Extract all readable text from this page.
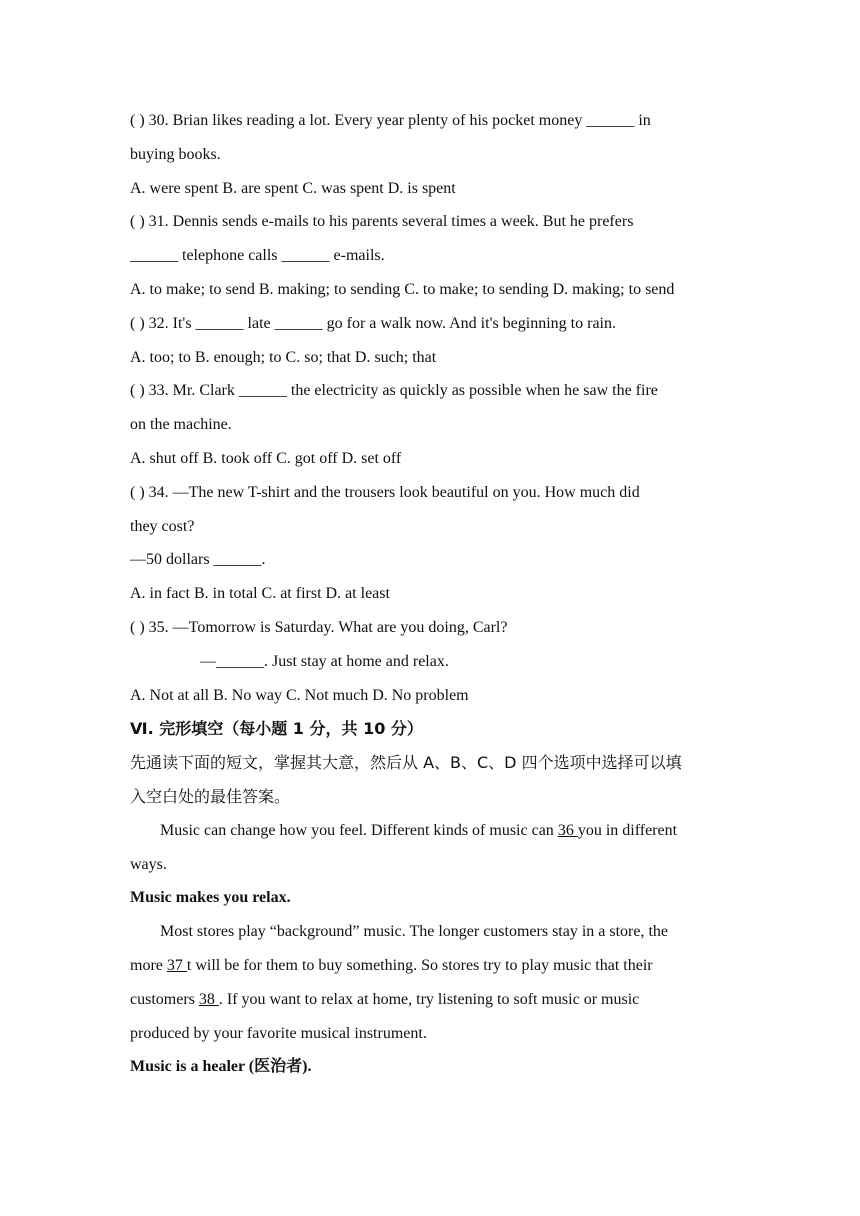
( ) 30. Brian likes reading a lot. Every year plenty of his pocket money ______ in
buying books.
A. were spent B. are spent C. was spent D. is spent
( ) 31. Dennis sends e-mails to his parents several times a week. But he prefers
______ telephone calls ______ e-mails.
A. to make; to send B. making; to sending C. to make; to sending D. making; to send
( ) 32. It's ______ late ______ go for a walk now. And it's beginning to rain.
A. too; to B. enough; to C. so; that D. such; that
( ) 33. Mr. Clark ______ the electricity as quickly as possible when he saw the fire
on the machine.
A. shut off B. took off C. got off D. set off
( ) 34. —The new T-shirt and the trousers look beautiful on you. How much did
they cost?
—50 dollars ______.
A. in fact B. in total C. at first D. at least
( ) 35. —Tomorrow is Saturday. What are you doing, Carl?
—______. Just stay at home and relax.
A. Not at all B. No way C. Not much D. No problem
Ⅵ. 完形填空（每小题 1 分，共 10 分）
先通读下面的短文，掌握其大意，然后从 A、B、C、D 四个选项中选择可以填
入空白处的最佳答案。
Music can change how you feel. Different kinds of music can 36 you in different
ways.
Music makes you relax.
Most stores play “background” music. The longer customers stay in a store, the
more 37 t will be for them to buy something. So stores try to play music that their
customers 38 . If you want to relax at home, try listening to soft music or music
produced by your favorite musical instrument.
Music is a healer (医治者).
